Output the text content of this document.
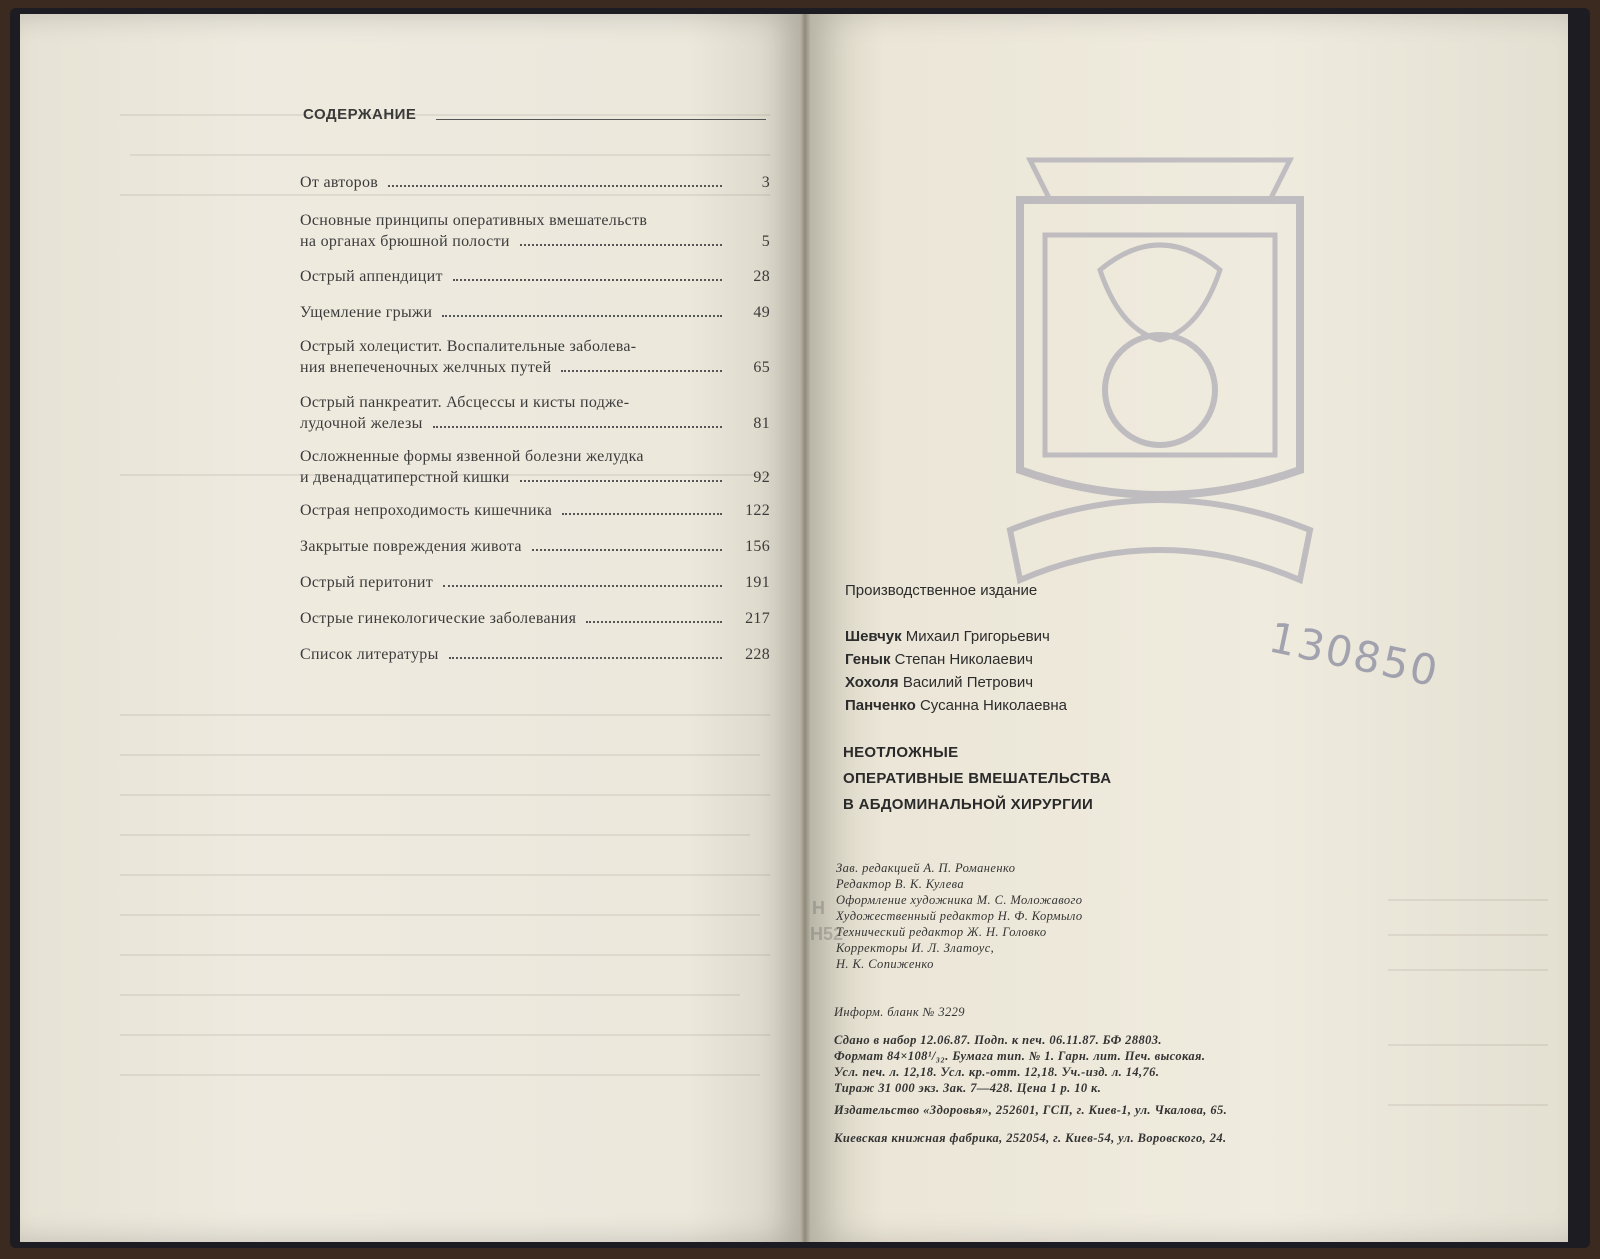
СОДЕРЖАНИЕ
От авторов	3
Основные принципы оперативных вмешательств
на органах брюшной полости	5
Острый аппендицит	28
Ущемление грыжи	49
Острый холецистит. Воспалительные заболева-
ния внепеченочных желчных путей	65
Острый панкреатит. Абсцессы и кисты подже-
лудочной железы	81
Осложненные формы язвенной болезни желудка
и двенадцатиперстной кишки	92
Острая непроходимость кишечника	122
Закрытые повреждения живота	156
Острый перитонит	191
Острые гинекологические заболевания	217
Список литературы	228	130850
Производственное издание
Шевчук Михаил Григорьевич
Генык Степан Николаевич
Хохоля Василий Петрович
Панченко Сусанна Николаевна
НЕОТЛОЖНЫЕ
ОПЕРАТИВНЫЕ ВМЕШАТЕЛЬСТВА
В АБДОМИНАЛЬНОЙ ХИРУРГИИ
Зав. редакцией А. П. Романенко
Редактор В. К. Кулева
Оформление художника М. С. Моложавого
Художественный редактор Н. Ф. Кормыло
Технический редактор Ж. Н. Головко
Корректоры И. Л. Златоус,
Н. К. Сопиженко
Информ. бланк № 3229
Сдано в набор 12.06.87. Подп. к печ. 06.11.87. БФ 28803.
Формат 84×108¹/₃₂. Бумага тип. № 1. Гарн. лит. Печ. высокая.
Усл. печ. л. 12,18. Усл. кр.-отт. 12,18. Уч.-изд. л. 14,76.
Тираж 31 000 экз. Зак. 7—428. Цена 1 р. 10 к.
Издательство «Здоровья», 252601, ГСП, г. Киев-1, ул. Чкалова, 65.
Киевская книжная фабрика, 252054, г. Киев-54, ул. Воровского, 24.
Н
Н52
